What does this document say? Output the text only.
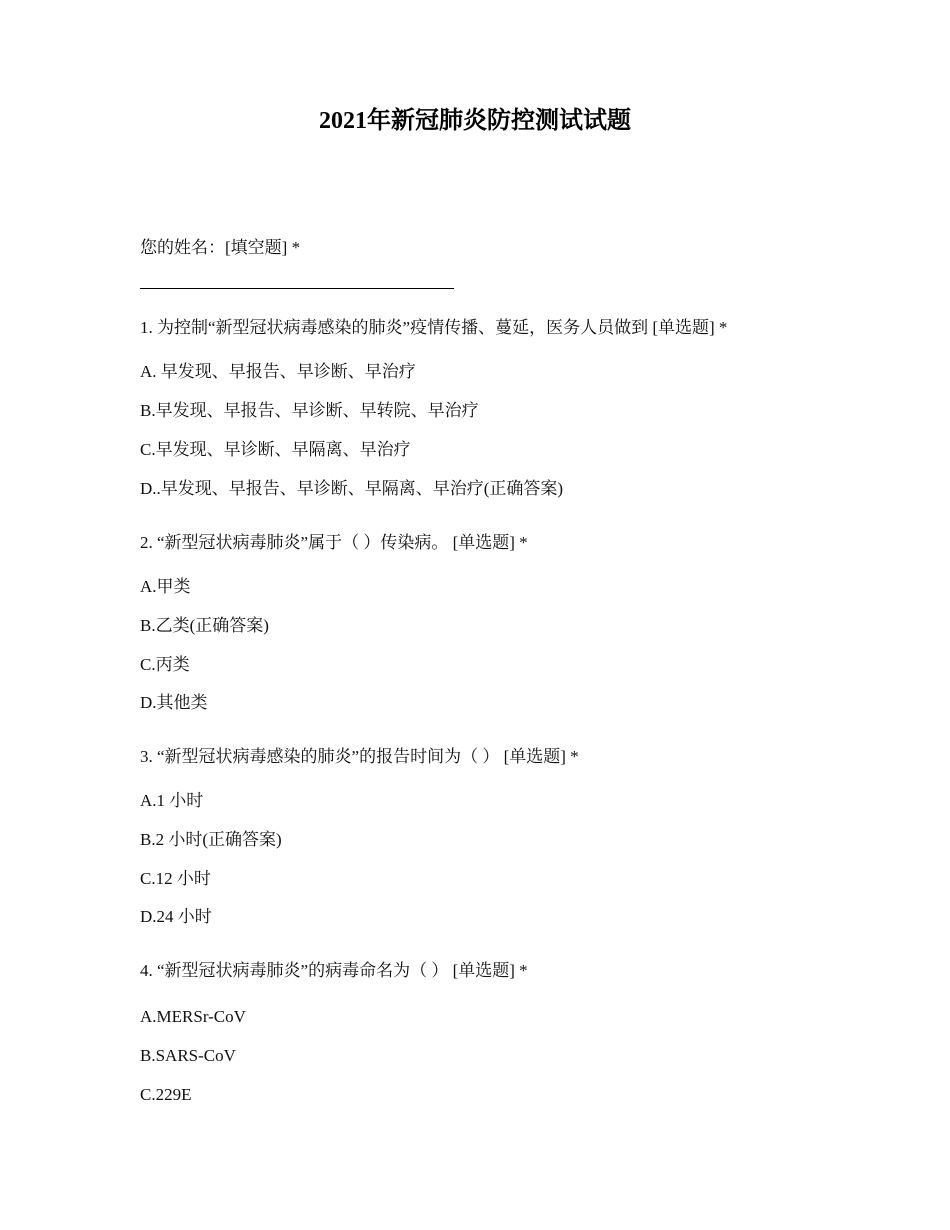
2021年新冠肺炎防控测试试题
您的姓名：[填空题] *
1. 为控制“新型冠状病毒感染的肺炎”疫情传播、蔓延，医务人员做到 [单选题] *
A. 早发现、早报告、早诊断、早治疗
B.早发现、早报告、早诊断、早转院、早治疗
C.早发现、早诊断、早隔离、早治疗
D..早发现、早报告、早诊断、早隔离、早治疗(正确答案)
2. “新型冠状病毒肺炎”属于（ ）传染病。 [单选题] *
A.甲类
B.乙类(正确答案)
C.丙类
D.其他类
3. “新型冠状病毒感染的肺炎”的报告时间为（ ） [单选题] *
A.1 小时
B.2 小时(正确答案)
C.12 小时
D.24 小时
4. “新型冠状病毒肺炎”的病毒命名为（ ） [单选题] *
A.MERSr-CoV
B.SARS-CoV
C.229E
